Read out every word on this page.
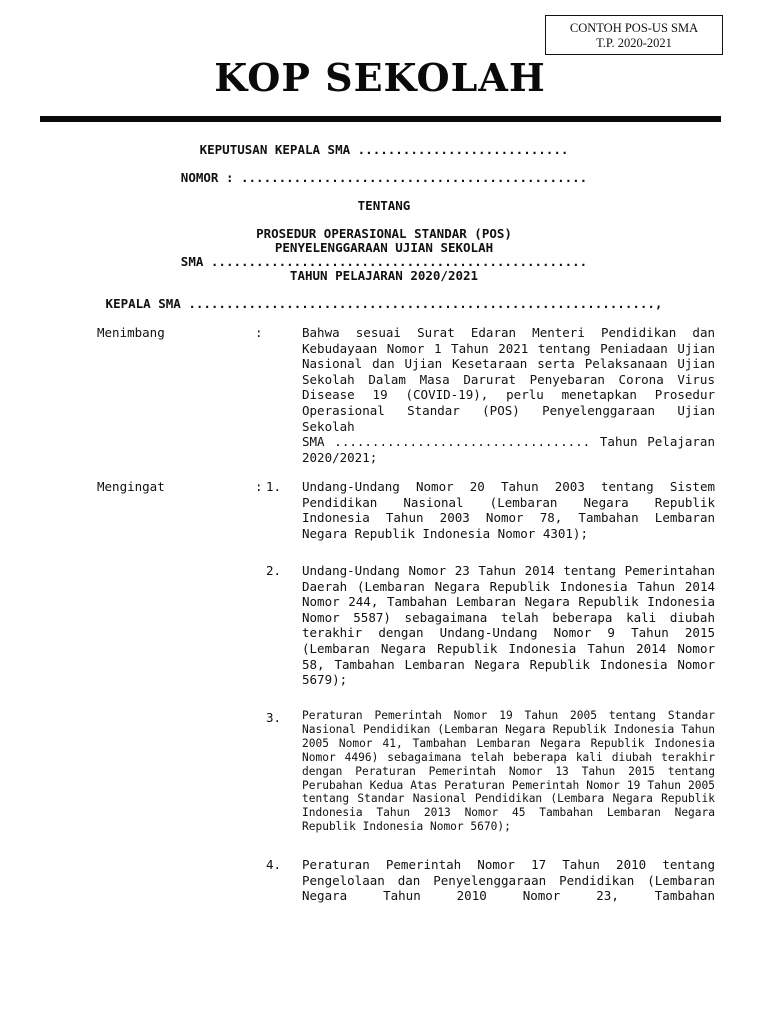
CONTOH POS-US SMA
T.P. 2020-2021
KOP SEKOLAH
KEPUTUSAN KEPALA SMA ............................
NOMOR : ..............................................
TENTANG
PROSEDUR OPERASIONAL STANDAR (POS)
PENYELENGGARAAN UJIAN SEKOLAH
SMA ..................................................
TAHUN PELAJARAN 2020/2021
KEPALA SMA ..............................................................,
Menimbang	:	Bahwa sesuai Surat Edaran Menteri Pendidikan dan Kebudayaan Nomor 1 Tahun 2021 tentang Peniadaan Ujian Nasional dan Ujian Kesetaraan serta Pelaksanaan Ujian Sekolah Dalam Masa Darurat Penyebaran Corona Virus Disease 19 (COVID-19), perlu menetapkan Prosedur Operasional Standar (POS) Penyelenggaraan Ujian Sekolah
SMA .................................. Tahun Pelajaran
2020/2021;
Mengingat	: 1. Undang-Undang Nomor 20 Tahun 2003 tentang Sistem Pendidikan Nasional (Lembaran Negara Republik Indonesia Tahun 2003 Nomor 78, Tambahan Lembaran Negara Republik Indonesia Nomor 4301);
2. Undang-Undang Nomor 23 Tahun 2014 tentang Pemerintahan Daerah (Lembaran Negara Republik Indonesia Tahun 2014 Nomor 244, Tambahan Lembaran Negara Republik Indonesia Nomor 5587) sebagaimana telah beberapa kali diubah terakhir dengan Undang-Undang Nomor 9 Tahun 2015 (Lembaran Negara Republik Indonesia Tahun 2014 Nomor 58, Tambahan Lembaran Negara Republik Indonesia Nomor 5679);
3. Peraturan Pemerintah Nomor 19 Tahun 2005 tentang Standar Nasional Pendidikan (Lembaran Negara Republik Indonesia Tahun 2005 Nomor 41, Tambahan Lembaran Negara Republik Indonesia Nomor 4496) sebagaimana telah beberapa kali diubah terakhir dengan Peraturan Pemerintah Nomor 13 Tahun 2015 tentang Perubahan Kedua Atas Peraturan Pemerintah Nomor 19 Tahun 2005 tentang Standar Nasional Pendidikan (Lembara Negara Republik Indonesia Tahun 2013 Nomor 45 Tambahan Lembaran Negara Republik Indonesia Nomor 5670);
4. Peraturan Pemerintah Nomor 17 Tahun 2010 tentang Pengelolaan dan Penyelenggaraan Pendidikan (Lembaran Negara Tahun 2010 Nomor 23, Tambahan
